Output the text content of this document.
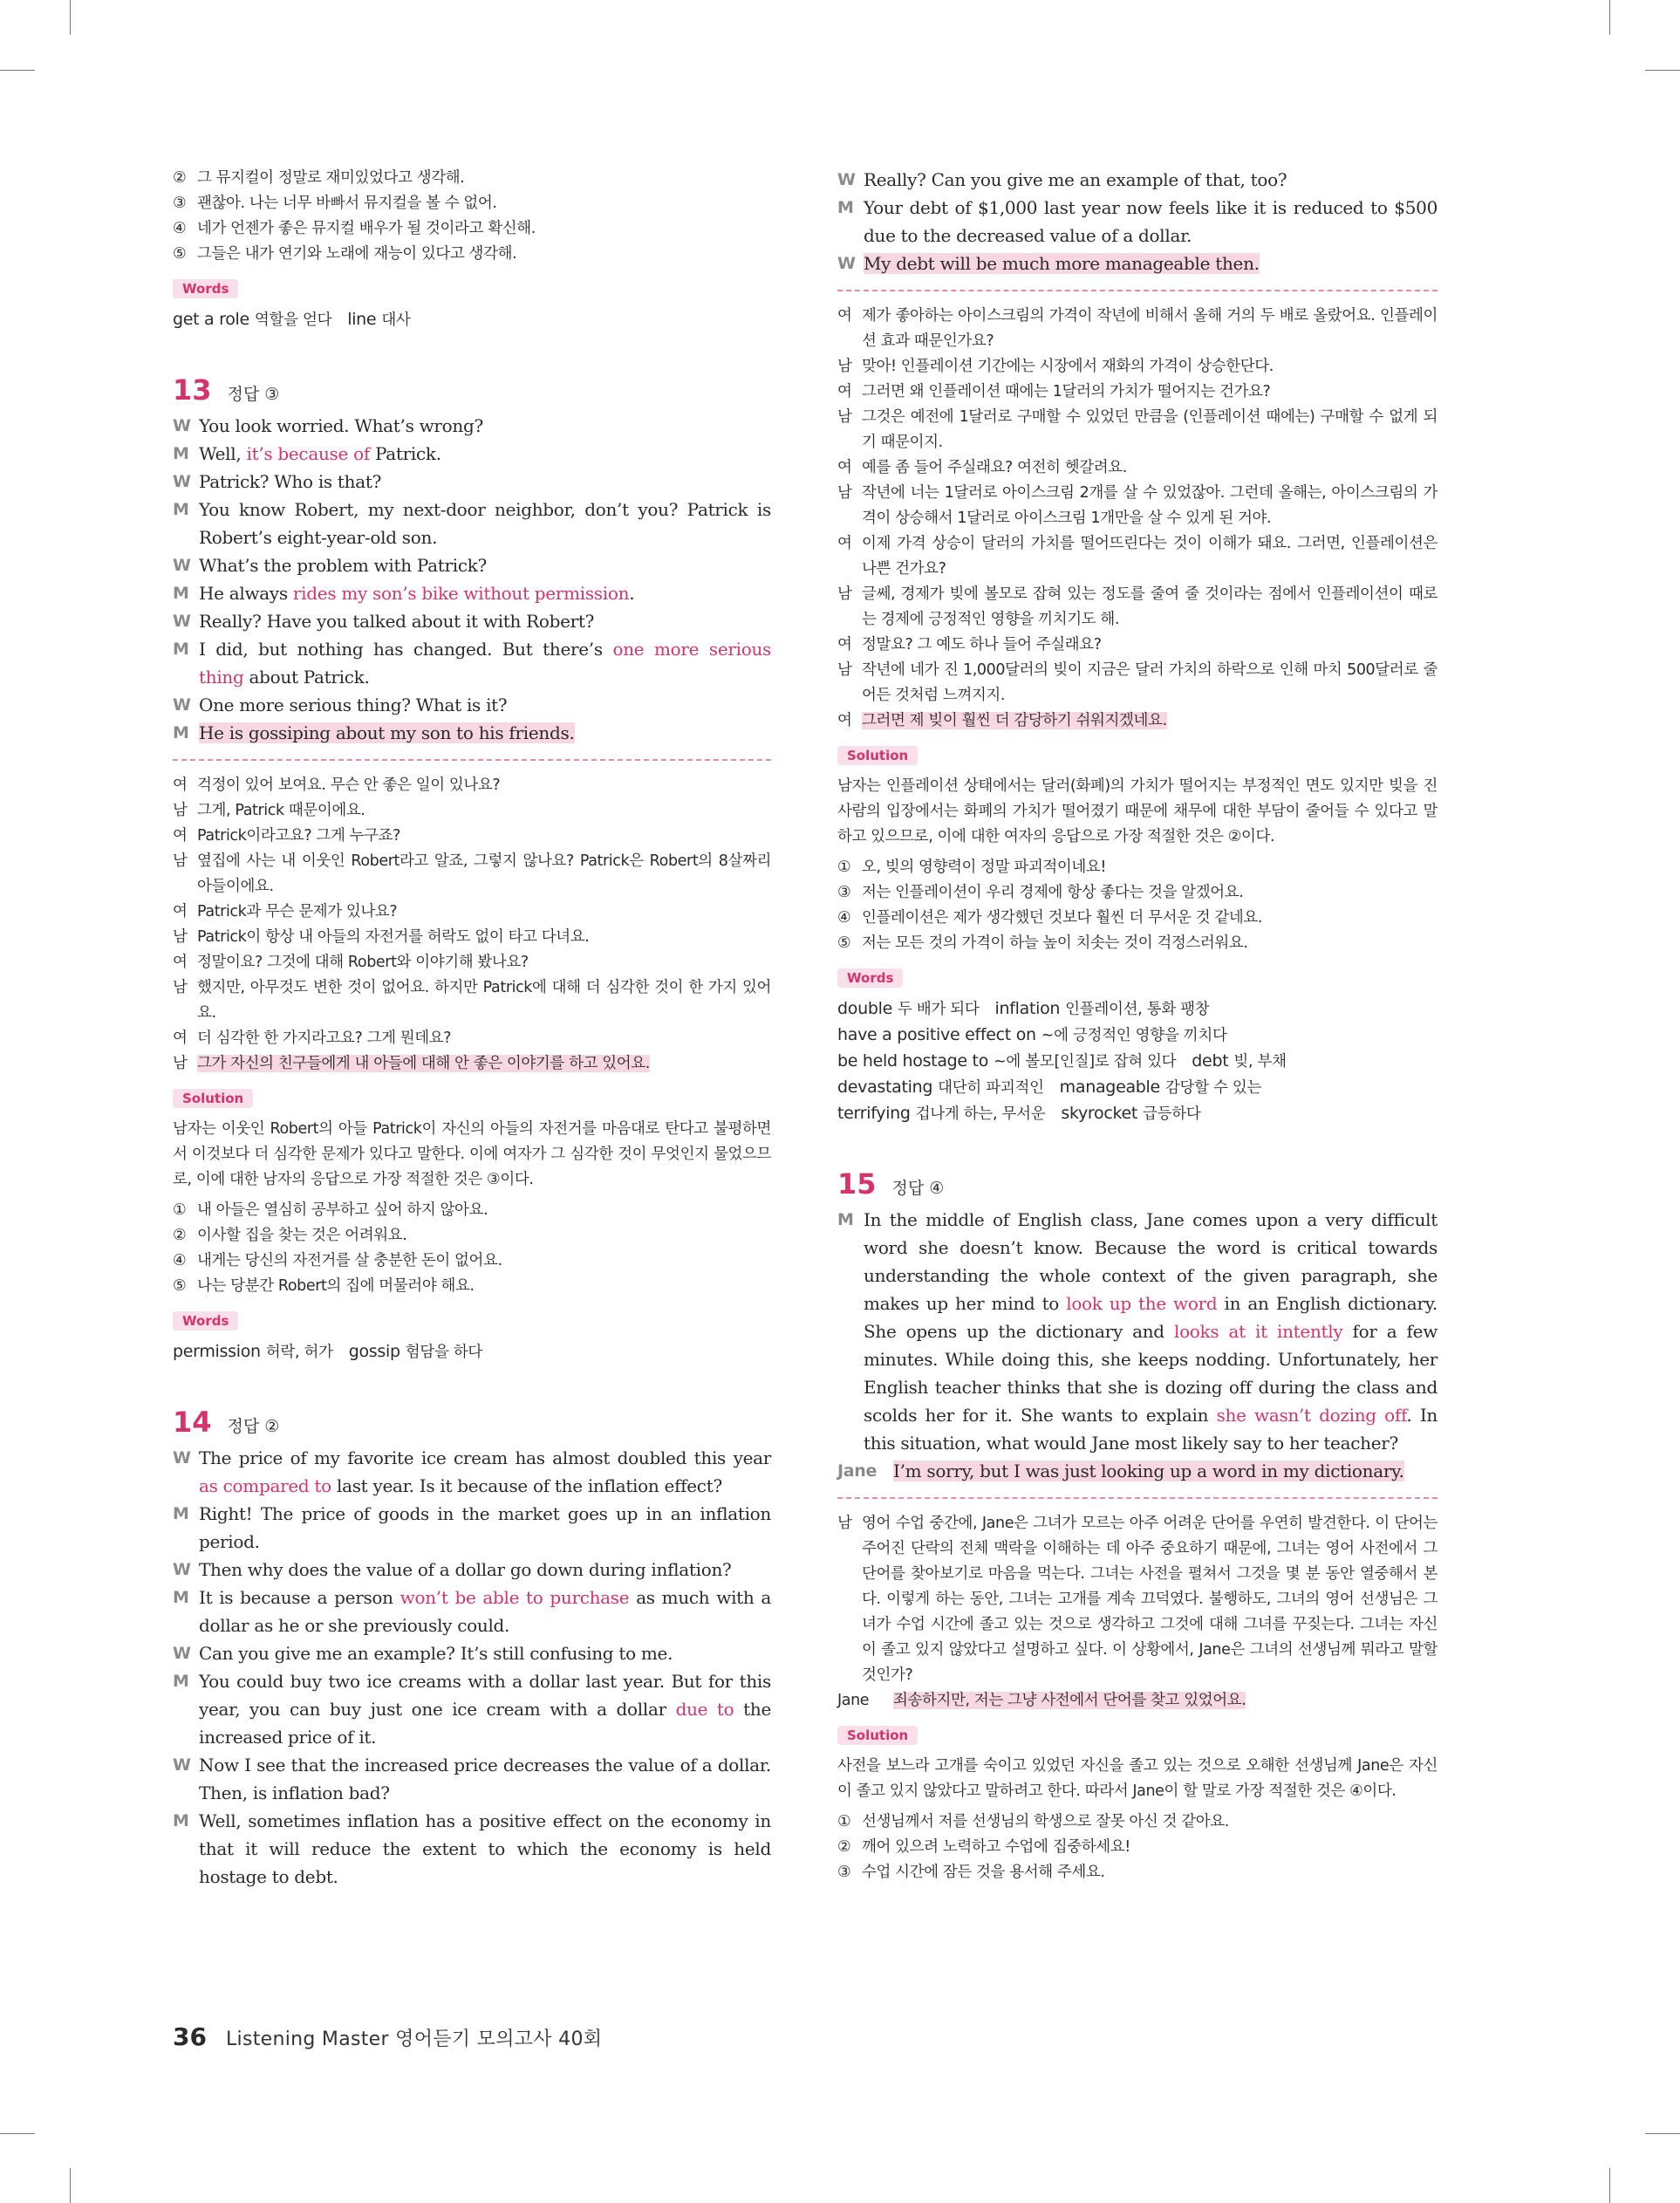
② 그 뮤지컬이 정말로 재미있었다고 생각해.
③ 괜찮아. 나는 너무 바빠서 뮤지컬을 볼 수 없어.
④ 네가 언젠가 좋은 뮤지컬 배우가 될 것이라고 확신해.
⑤ 그들은 내가 연기와 노래에 재능이 있다고 생각해.
Words
get a role 역할을 얻다 line 대사
13 정답 ③
W You look worried. What’s wrong?
M Well, it’s because of Patrick.
W Patrick? Who is that?
M You know Robert, my next-door neighbor, don’t you? Patrick is Robert’s eight-year-old son.
W What’s the problem with Patrick?
M He always rides my son’s bike without permission.
W Really? Have you talked about it with Robert?
M I did, but nothing has changed. But there’s one more serious thing about Patrick.
W One more serious thing? What is it?
M He is gossiping about my son to his friends.
여 걱정이 있어 보여요. 무슨 안 좋은 일이 있나요?
남 그게, Patrick 때문이에요.
여 Patrick이라고요? 그게 누구죠?
남 옆집에 사는 내 이웃인 Robert라고 알죠, 그렇지 않나요? Patrick은 Robert의 8살짜리 아들이에요.
여 Patrick과 무슨 문제가 있나요?
남 Patrick이 항상 내 아들의 자전거를 허락도 없이 타고 다녀요.
여 정말이요? 그것에 대해 Robert와 이야기해 봤나요?
남 했지만, 아무것도 변한 것이 없어요. 하지만 Patrick에 대해 더 심각한 것이 한 가지 있어요.
여 더 심각한 한 가지라고요? 그게 뭔데요?
남 그가 자신의 친구들에게 내 아들에 대해 안 좋은 이야기를 하고 있어요.
Solution
남자는 이웃인 Robert의 아들 Patrick이 자신의 아들의 자전거를 마음대로 탄다고 불평하면서 이것보다 더 심각한 문제가 있다고 말한다. 이에 여자가 그 심각한 것이 무엇인지 물었으므로, 이에 대한 남자의 응답으로 가장 적절한 것은 ③이다.
① 내 아들은 열심히 공부하고 싶어 하지 않아요.
② 이사할 집을 찾는 것은 어려워요.
④ 내게는 당신의 자전거를 살 충분한 돈이 없어요.
⑤ 나는 당분간 Robert의 집에 머물러야 해요.
Words
permission 허락, 허가 gossip 험담을 하다
14 정답 ②
W The price of my favorite ice cream has almost doubled this year as compared to last year. Is it because of the inflation effect?
M Right! The price of goods in the market goes up in an inflation period.
W Then why does the value of a dollar go down during inflation?
M It is because a person won’t be able to purchase as much with a dollar as he or she previously could.
W Can you give me an example? It’s still confusing to me.
M You could buy two ice creams with a dollar last year. But for this year, you can buy just one ice cream with a dollar due to the increased price of it.
W Now I see that the increased price decreases the value of a dollar. Then, is inflation bad?
M Well, sometimes inflation has a positive effect on the economy in that it will reduce the extent to which the economy is held hostage to debt.
W Really? Can you give me an example of that, too?
M Your debt of $1,000 last year now feels like it is reduced to $500 due to the decreased value of a dollar.
W My debt will be much more manageable then.
여 제가 좋아하는 아이스크림의 가격이 작년에 비해서 올해 거의 두 배로 올랐어요. 인플레이션 효과 때문인가요?
남 맞아! 인플레이션 기간에는 시장에서 재화의 가격이 상승한단다.
여 그러면 왜 인플레이션 때에는 1달러의 가치가 떨어지는 건가요?
남 그것은 예전에 1달러로 구매할 수 있었던 만큼을 (인플레이션 때에는) 구매할 수 없게 되기 때문이지.
여 예를 좀 들어 주실래요? 여전히 헷갈려요.
남 작년에 너는 1달러로 아이스크림 2개를 살 수 있었잖아. 그런데 올해는, 아이스크림의 가격이 상승해서 1달러로 아이스크림 1개만을 살 수 있게 된 거야.
여 이제 가격 상승이 달러의 가치를 떨어뜨린다는 것이 이해가 돼요. 그러면, 인플레이션은 나쁜 건가요?
남 글쎄, 경제가 빚에 볼모로 잡혀 있는 정도를 줄여 줄 것이라는 점에서 인플레이션이 때로는 경제에 긍정적인 영향을 끼치기도 해.
여 정말요? 그 예도 하나 들어 주실래요?
남 작년에 네가 진 1,000달러의 빚이 지금은 달러 가치의 하락으로 인해 마치 500달러로 줄어든 것처럼 느껴지지.
여 그러면 제 빚이 훨씬 더 감당하기 쉬워지겠네요.
Solution
남자는 인플레이션 상태에서는 달러(화폐)의 가치가 떨어지는 부정적인 면도 있지만 빚을 진 사람의 입장에서는 화폐의 가치가 떨어졌기 때문에 채무에 대한 부담이 줄어들 수 있다고 말하고 있으므로, 이에 대한 여자의 응답으로 가장 적절한 것은 ②이다.
① 오, 빚의 영향력이 정말 파괴적이네요!
③ 저는 인플레이션이 우리 경제에 항상 좋다는 것을 알겠어요.
④ 인플레이션은 제가 생각했던 것보다 훨씬 더 무서운 것 같네요.
⑤ 저는 모든 것의 가격이 하늘 높이 치솟는 것이 걱정스러워요.
Words
double 두 배가 되다 inflation 인플레이션, 통화 팽창
have a positive effect on ~에 긍정적인 영향을 끼치다
be held hostage to ~에 볼모[인질]로 잡혀 있다 debt 빚, 부채
devastating 대단히 파괴적인 manageable 감당할 수 있는
terrifying 겁나게 하는, 무서운 skyrocket 급등하다
15 정답 ④
M In the middle of English class, Jane comes upon a very difficult word she doesn’t know. Because the word is critical towards understanding the whole context of the given paragraph, she makes up her mind to look up the word in an English dictionary. She opens up the dictionary and looks at it intently for a few minutes. While doing this, she keeps nodding. Unfortunately, her English teacher thinks that she is dozing off during the class and scolds her for it. She wants to explain she wasn’t dozing off. In this situation, what would Jane most likely say to her teacher?
Jane I’m sorry, but I was just looking up a word in my dictionary.
남 영어 수업 중간에, Jane은 그녀가 모르는 아주 어려운 단어를 우연히 발견한다. 이 단어는 주어진 단락의 전체 맥락을 이해하는 데 아주 중요하기 때문에, 그녀는 영어 사전에서 그 단어를 찾아보기로 마음을 먹는다. 그녀는 사전을 펼쳐서 그것을 몇 분 동안 열중해서 본다. 이렇게 하는 동안, 그녀는 고개를 계속 끄덕였다. 불행하도, 그녀의 영어 선생님은 그녀가 수업 시간에 졸고 있는 것으로 생각하고 그것에 대해 그녀를 꾸짖는다. 그녀는 자신이 졸고 있지 않았다고 설명하고 싶다. 이 상황에서, Jane은 그녀의 선생님께 뭐라고 말할 것인가?
Jane	죄송하지만, 저는 그냥 사전에서 단어를 찾고 있었어요.
Solution
사전을 보느라 고개를 숙이고 있었던 자신을 졸고 있는 것으로 오해한 선생님께 Jane은 자신이 졸고 있지 않았다고 말하려고 한다. 따라서 Jane이 할 말로 가장 적절한 것은 ④이다.
① 선생님께서 저를 선생님의 학생으로 잘못 아신 것 같아요.
② 깨어 있으려 노력하고 수업에 집중하세요!
③ 수업 시간에 잠든 것을 용서해 주세요.
36 Listening Master 영어듣기 모의고사 40회
